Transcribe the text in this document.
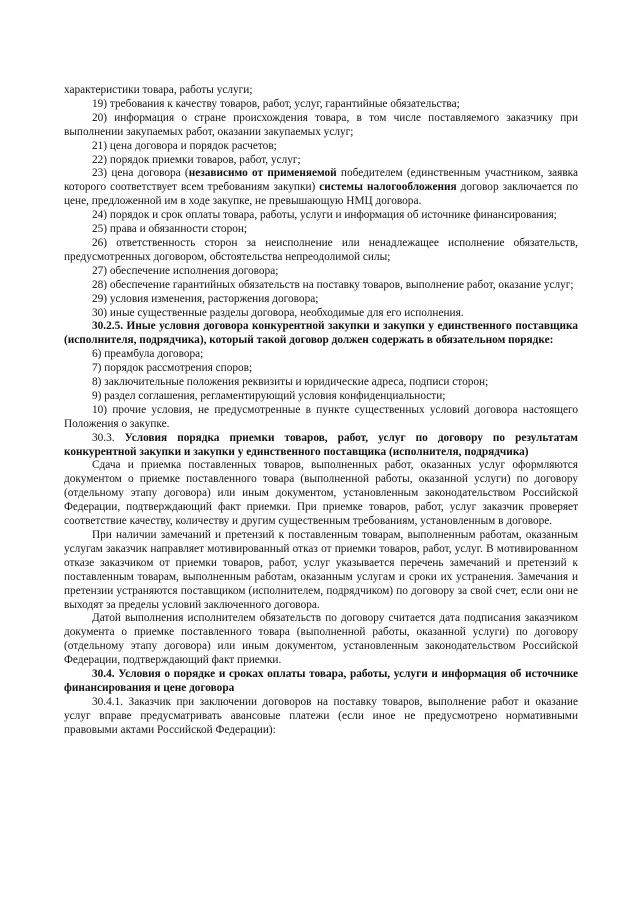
характеристики товара, работы услуги;

19) требования к качеству товаров, работ, услуг, гарантийные обязательства;

20) информация о стране происхождения товара, в том числе поставляемого заказчику при выполнении закупаемых работ, оказании закупаемых услуг;

21) цена договора и порядок расчетов;

22) порядок приемки товаров, работ, услуг;

23) цена договора (независимо от применяемой победителем (единственным участником, заявка которого соответствует всем требованиям закупки) системы налогообложения договор заключается по цене, предложенной им в ходе закупке, не превышающую НМЦ договора.

24) порядок и срок оплаты товара, работы, услуги и информация об источнике финансирования;

25) права и обязанности сторон;

26) ответственность сторон за неисполнение или ненадлежащее исполнение обязательств, предусмотренных договором, обстоятельства непреодолимой силы;

27) обеспечение исполнения договора;

28) обеспечение гарантийных обязательств на поставку товаров, выполнение работ, оказание услуг;

29) условия изменения, расторжения договора;

30) иные существенные разделы договора, необходимые для его исполнения.

30.2.5. Иные условия договора конкурентной закупки и закупки у единственного поставщика (исполнителя, подрядчика), который такой договор должен содержать в обязательном порядке:

6) преамбула договора;

7) порядок рассмотрения споров;

8) заключительные положения реквизиты и юридические адреса, подписи сторон;

9) раздел соглашения, регламентирующий условия конфиденциальности;

10) прочие условия, не предусмотренные в пункте существенных условий договора настоящего Положения о закупке.

30.3. Условия порядка приемки товаров, работ, услуг по договору по результатам конкурентной закупки и закупки у единственного поставщика (исполнителя, подрядчика)

Сдача и приемка поставленных товаров, выполненных работ, оказанных услуг оформляются документом о приемке поставленного товара (выполненной работы, оказанной услуги) по договору (отдельному этапу договора) или иным документом, установленным законодательством Российской Федерации, подтверждающий факт приемки. При приемке товаров, работ, услуг заказчик проверяет соответствие качеству, количеству и другим существенным требованиям, установленным в договоре.

При наличии замечаний и претензий к поставленным товарам, выполненным работам, оказанным услугам заказчик направляет мотивированный отказ от приемки товаров, работ, услуг. В мотивированном отказе заказчиком от приемки товаров, работ, услуг указывается перечень замечаний и претензий к поставленным товарам, выполненным работам, оказанным услугам и сроки их устранения. Замечания и претензии устраняются поставщиком (исполнителем, подрядчиком) по договору за свой счет, если они не выходят за пределы условий заключенного договора.

Датой выполнения исполнителем обязательств по договору считается дата подписания заказчиком документа о приемке поставленного товара (выполненной работы, оказанной услуги) по договору (отдельному этапу договора) или иным документом, установленным законодательством Российской Федерации, подтверждающий факт приемки.

30.4. Условия о порядке и сроках оплаты товара, работы, услуги и информация об источнике финансирования и цене договора

30.4.1. Заказчик при заключении договоров на поставку товаров, выполнение работ и оказание услуг вправе предусматривать авансовые платежи (если иное не предусмотрено нормативными правовыми актами Российской Федерации):
